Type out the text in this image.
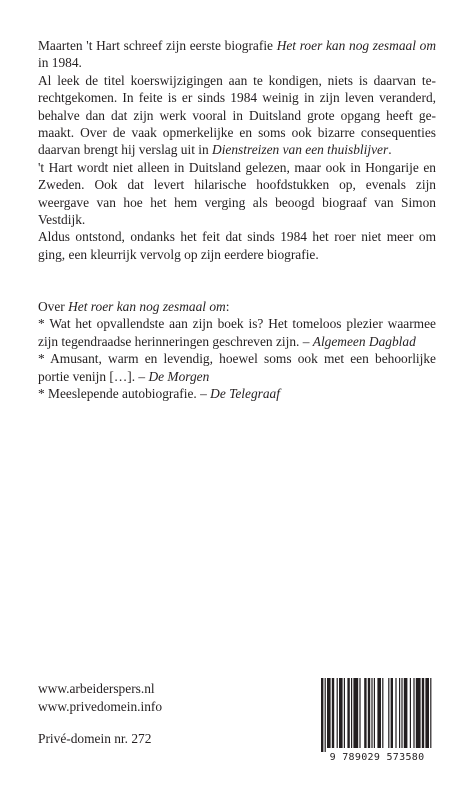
Maarten 't Hart schreef zijn eerste biografie Het roer kan nog zesmaal om in 1984.

Al leek de titel koerswijzigingen aan te kondigen, niets is daarvan terechtgekomen. In feite is er sinds 1984 weinig in zijn leven veranderd, behalve dan dat zijn werk vooral in Duitsland grote opgang heeft gemaakt. Over de vaak opmerkelijke en soms ook bizarre consequenties daarvan brengt hij verslag uit in Dienstreizen van een thuisblijver.

't Hart wordt niet alleen in Duitsland gelezen, maar ook in Hongarije en Zweden. Ook dat levert hilarische hoofdstukken op, evenals zijn weergave van hoe het hem verging als beoogd biograaf van Simon Vestdijk.

Aldus ontstond, ondanks het feit dat sinds 1984 het roer niet meer om ging, een kleurrijk vervolg op zijn eerdere biografie.

Over Het roer kan nog zesmaal om:

* Wat het opvallendste aan zijn boek is? Het tomeloos plezier waarmee zijn tegendraadse herinneringen geschreven zijn. – Algemeen Dagblad

* Amusant, warm en levendig, hoewel soms ook met een behoorlijke portie venijn […]. – De Morgen

* Meeslepende autobiografie. – De Telegraaf

www.arbeiderspers.nl
www.privedomein.info
Privé-domein nr. 272
9 789029 573580
